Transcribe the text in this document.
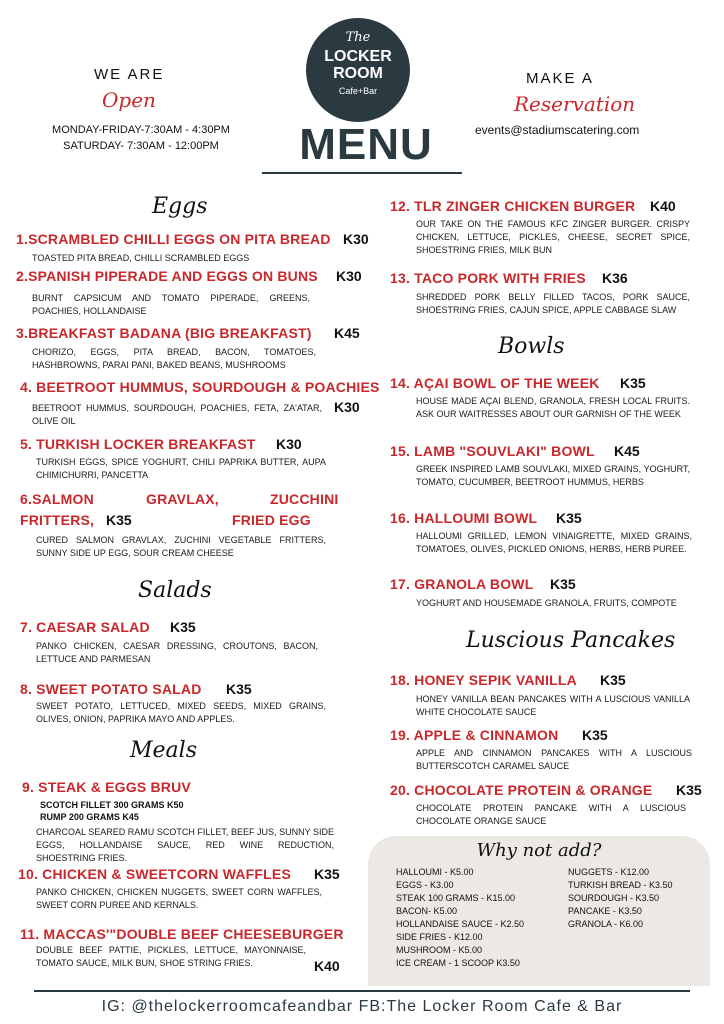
WE ARE
Open
MONDAY-FRIDAY-7:30AM - 4:30PM
SATURDAY- 7:30AM - 12:00PM
The
LOCKER
ROOM
Cafe+Bar
MENU
MAKE A
Reservation
events@stadiumscatering.com
Eggs
1.SCRAMBLED CHILLI EGGS ON PITA BREAD K30
TOASTED PITA BREAD, CHILLI SCRAMBLED EGGS
2.SPANISH PIPERADE AND EGGS ON BUNS K30
BURNT CAPSICUM AND TOMATO PIPERADE, GREENS, POACHIES, HOLLANDAISE
3.BREAKFAST BADANA (BIG BREAKFAST) K45
CHORIZO, EGGS, PITA BREAD, BACON, TOMATOES, HASHBROWNS, PARAI PANI, BAKED BEANS, MUSHROOMS
4. BEETROOT HUMMUS, SOURDOUGH & POACHIES
K30
BEETROOT HUMMUS, SOURDOUGH, POACHIES, FETA, ZA'ATAR, OLIVE OIL
5. TURKISH LOCKER BREAKFAST K30
TURKISH EGGS, SPICE YOGHURT, CHILI PAPRIKA BUTTER, AUPA CHIMICHURRI, PANCETTA
6.SALMON	GRAVLAX,	ZUCCHINI
FRITTERS, K35	FRIED EGG
CURED SALMON GRAVLAX, ZUCHINI VEGETABLE FRITTERS, SUNNY SIDE UP EGG, SOUR CREAM CHEESE
Salads
7. CAESAR SALAD K35
PANKO CHICKEN, CAESAR DRESSING, CROUTONS, BACON, LETTUCE AND PARMESAN
8. SWEET POTATO SALAD K35
SWEET POTATO, LETTUCED, MIXED SEEDS, MIXED GRAINS, OLIVES, ONION, PAPRIKA MAYO AND APPLES.
Meals
9. STEAK & EGGS BRUV
SCOTCH FILLET 300 GRAMS K50
RUMP 200 GRAMS K45
CHARCOAL SEARED RAMU SCOTCH FILLET, BEEF JUS, SUNNY SIDE EGGS, HOLLANDAISE SAUCE, RED WINE REDUCTION, SHOESTRING FRIES.
10. CHICKEN & SWEETCORN WAFFLES K35
PANKO CHICKEN, CHICKEN NUGGETS, SWEET CORN WAFFLES, SWEET CORN PUREE AND KERNALS.
11. MACCAS'"DOUBLE BEEF CHEESEBURGER
DOUBLE BEEF PATTIE, PICKLES, LETTUCE, MAYONNAISE, TOMATO SAUCE, MILK BUN, SHOE STRING FRIES.	K40
12. TLR ZINGER CHICKEN BURGER K40
OUR TAKE ON THE FAMOUS KFC ZINGER BURGER. CRISPY CHICKEN, LETTUCE, PICKLES, CHEESE, SECRET SPICE, SHOESTRING FRIES, MILK BUN
13. TACO PORK WITH FRIES K36
SHREDDED PORK BELLY FILLED TACOS, PORK SAUCE, SHOESTRING FRIES, CAJUN SPICE, APPLE CABBAGE SLAW
Bowls
14. AÇAI BOWL OF THE WEEK K35
HOUSE MADE AÇAI BLEND, GRANOLA, FRESH LOCAL FRUITS. ASK OUR WAITRESSES ABOUT OUR GARNISH OF THE WEEK
15. LAMB "SOUVLAKI" BOWL K45
GREEK INSPIRED LAMB SOUVLAKI, MIXED GRAINS, YOGHURT, TOMATO, CUCUMBER, BEETROOT HUMMUS, HERBS
16. HALLOUMI BOWL K35
HALLOUMI GRILLED, LEMON VINAIGRETTE, MIXED GRAINS, TOMATOES, OLIVES, PICKLED ONIONS, HERBS, HERB PUREE.
17. GRANOLA BOWL K35
YOGHURT AND HOUSEMADE GRANOLA, FRUITS, COMPOTE
Luscious Pancakes
18. HONEY SEPIK VANILLA K35
HONEY VANILLA BEAN PANCAKES WITH A LUSCIOUS VANILLA WHITE CHOCOLATE SAUCE
19. APPLE & CINNAMON K35
APPLE AND CINNAMON PANCAKES WITH A LUSCIOUS BUTTERSCOTCH CARAMEL SAUCE
20. CHOCOLATE PROTEIN & ORANGE K35
CHOCOLATE PROTEIN PANCAKE WITH A LUSCIOUS CHOCOLATE ORANGE SAUCE
Why not add?
HALLOUMI - K5.00
EGGS - K3.00
STEAK 100 GRAMS - K15.00
BACON- K5.00
HOLLANDAISE SAUCE - K2.50
SIDE FRIES - K12.00
MUSHROOM - K5.00
ICE CREAM - 1 SCOOP K3.50
NUGGETS - K12.00
TURKISH BREAD - K3.50
SOURDOUGH - K3.50
PANCAKE - K3.50
GRANOLA - K6.00
IG: @thelockerroomcafeandbar FB:The Locker Room Cafe & Bar
